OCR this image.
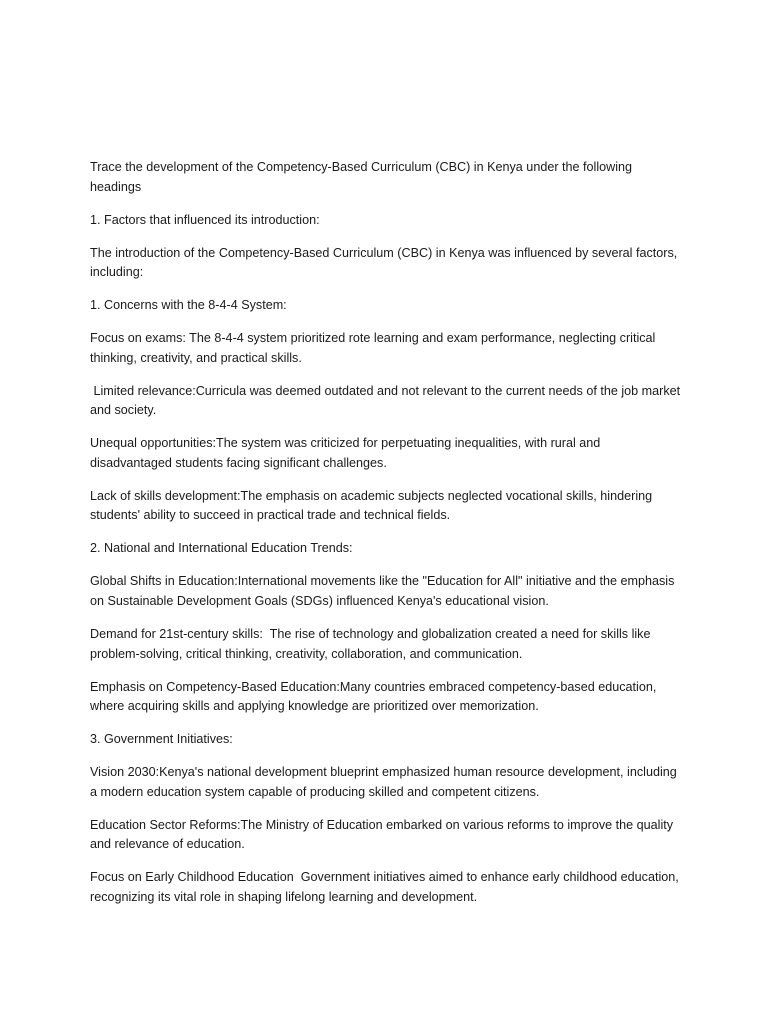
Trace the development of the Competency-Based Curriculum (CBC) in Kenya under the following headings

1. Factors that influenced its introduction:

The introduction of the Competency-Based Curriculum (CBC) in Kenya was influenced by several factors, including:

1. Concerns with the 8-4-4 System:

Focus on exams: The 8-4-4 system prioritized rote learning and exam performance, neglecting critical thinking, creativity, and practical skills.

Limited relevance:Curricula was deemed outdated and not relevant to the current needs of the job market and society.

Unequal opportunities:The system was criticized for perpetuating inequalities, with rural and disadvantaged students facing significant challenges.

Lack of skills development:The emphasis on academic subjects neglected vocational skills, hindering students' ability to succeed in practical trade and technical fields.

2. National and International Education Trends:

Global Shifts in Education:International movements like the "Education for All" initiative and the emphasis on Sustainable Development Goals (SDGs) influenced Kenya's educational vision.

Demand for 21st-century skills:  The rise of technology and globalization created a need for skills like problem-solving, critical thinking, creativity, collaboration, and communication.

Emphasis on Competency-Based Education:Many countries embraced competency-based education, where acquiring skills and applying knowledge are prioritized over memorization.

3. Government Initiatives:

Vision 2030:Kenya's national development blueprint emphasized human resource development, including a modern education system capable of producing skilled and competent citizens.

Education Sector Reforms:The Ministry of Education embarked on various reforms to improve the quality and relevance of education.

Focus on Early Childhood Education  Government initiatives aimed to enhance early childhood education, recognizing its vital role in shaping lifelong learning and development.
